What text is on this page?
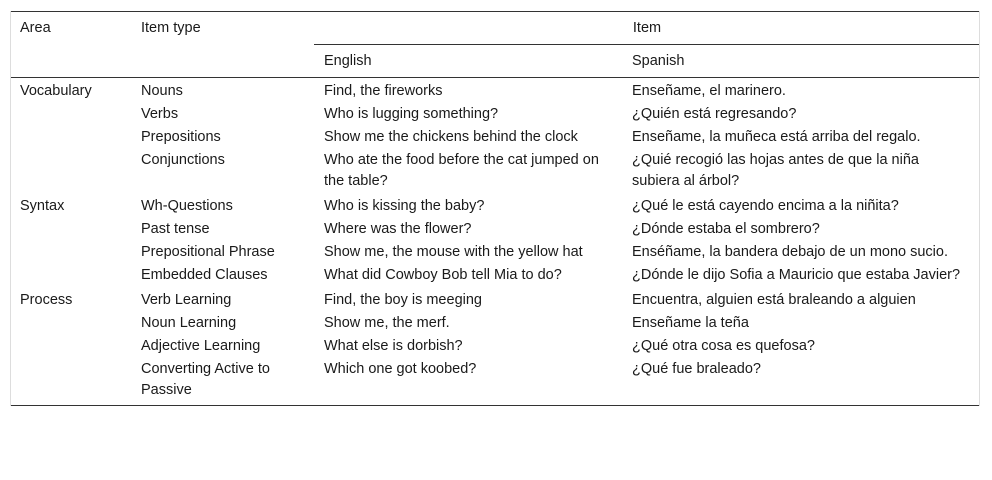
Area	Item type	Item	
		English	Spanish
Vocabulary	Nouns	Find, the fireworks	Enseñame, el marinero.
	Verbs	Who is lugging something?	¿Quién está regresando?
	Prepositions	Show me the chickens behind the clock	Enseñame, la muñeca está arriba del regalo.
	Conjunctions	Who ate the food before the cat jumped on the table?	¿Quié recogió las hojas antes de que la niña subiera al árbol?
Syntax	Wh-Questions	Who is kissing the baby?	¿Qué le está cayendo encima a la niñita?
	Past tense	Where was the flower?	¿Dónde estaba el sombrero?
	Prepositional Phrase	Show me, the mouse with the yellow hat	Enséñame, la bandera debajo de un mono sucio.
	Embedded Clauses	What did Cowboy Bob tell Mia to do?	¿Dónde le dijo Sofia a Mauricio que estaba Javier?
Process	Verb Learning	Find, the boy is meeging	Encuentra, alguien está braleando a alguien
	Noun Learning	Show me, the merf.	Enseñame la teña
	Adjective Learning	What else is dorbish?	¿Qué otra cosa es quefosa?
	Converting Active to Passive	Which one got koobed?	¿Qué fue braleado?
